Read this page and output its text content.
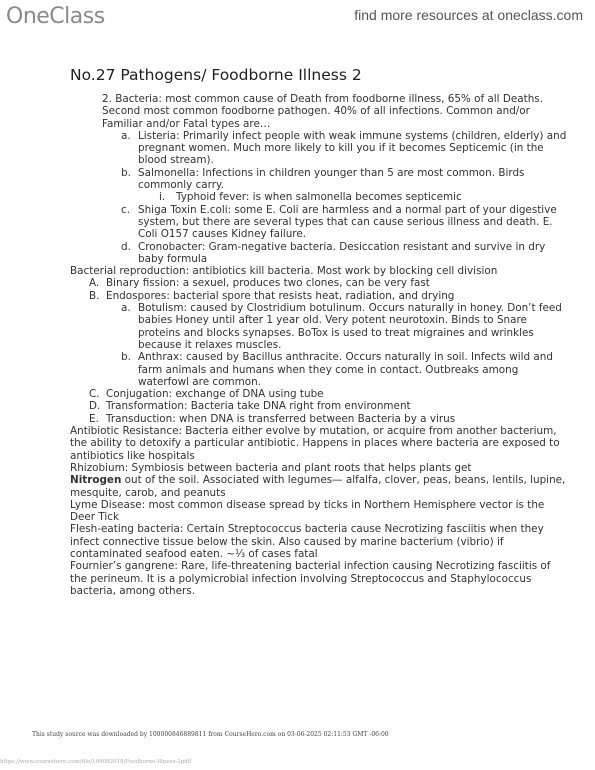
OneClass	find more resources at oneclass.com
No.27 Pathogens/ Foodborne Illness 2

2. Bacteria: most common cause of Death from foodborne illness, 65% of all Deaths. Second most common foodborne pathogen. 40% of all infections. Common and/or Familiar and/or Fatal types are…

a. Listeria: Primarily infect people with weak immune systems (children, elderly) and pregnant women. Much more likely to kill you if it becomes Septicemic (in the blood stream).
b. Salmonella: Infections in children younger than 5 are most common. Birds commonly carry.
i.	Typhoid fever: is when salmonella becomes septicemic
c. Shiga Toxin E.coli: some E. Coli are harmless and a normal part of your digestive system, but there are several types that can cause serious illness and death. E. Coli O157 causes Kidney failure.
d. Cronobacter: Gram-negative bacteria. Desiccation resistant and survive in dry baby formula

Bacterial reproduction: antibiotics kill bacteria. Most work by blocking cell division

A. Binary fission: a sexuel, produces two clones, can be very fast
B. Endospores: bacterial spore that resists heat, radiation, and drying
a. Botulism: caused by Clostridium botulinum. Occurs naturally in honey. Don’t feed babies Honey until after 1 year old. Very potent neurotoxin. Binds to Snare proteins and blocks synapses. BoTox is used to treat migraines and wrinkles because it relaxes muscles.
b. Anthrax: caused by Bacillus anthracite. Occurs naturally in soil. Infects wild and farm animals and humans when they come in contact. Outbreaks among waterfowl are common.
C. Conjugation: exchange of DNA using tube
D. Transformation: Bacteria take DNA right from environment
E. Transduction: when DNA is transferred between Bacteria by a virus

Antibiotic Resistance: Bacteria either evolve by mutation, or acquire from another bacterium, the ability to detoxify a particular antibiotic. Happens in places where bacteria are exposed to antibiotics like hospitals

Rhizobium: Symbiosis between bacteria and plant roots that helps plants get
Nitrogen out of the soil. Associated with legumes— alfalfa, clover, peas, beans, lentils, lupine, mesquite, carob, and peanuts

Lyme Disease: most common disease spread by ticks in Northern Hemisphere vector is the Deer Tick

Flesh-eating bacteria: Certain Streptococcus bacteria cause Necrotizing fasciitis when they infect connective tissue below the skin. Also caused by marine bacterium (vibrio) if contaminated seafood eaten. ~⅓ of cases fatal

Fournier’s gangrene: Rare, life-threatening bacterial infection causing Necrotizing fasciitis of the perineum. It is a polymicrobial infection involving Streptococcus and Staphylococcus bacteria, among others.

This study source was downloaded by 100000846889811 from CourseHero.com on 03-06-2025 02:11:53 GMT -06:00
https://www.coursehero.com/file/199082018/Foodborne-Illness-2pdf/
